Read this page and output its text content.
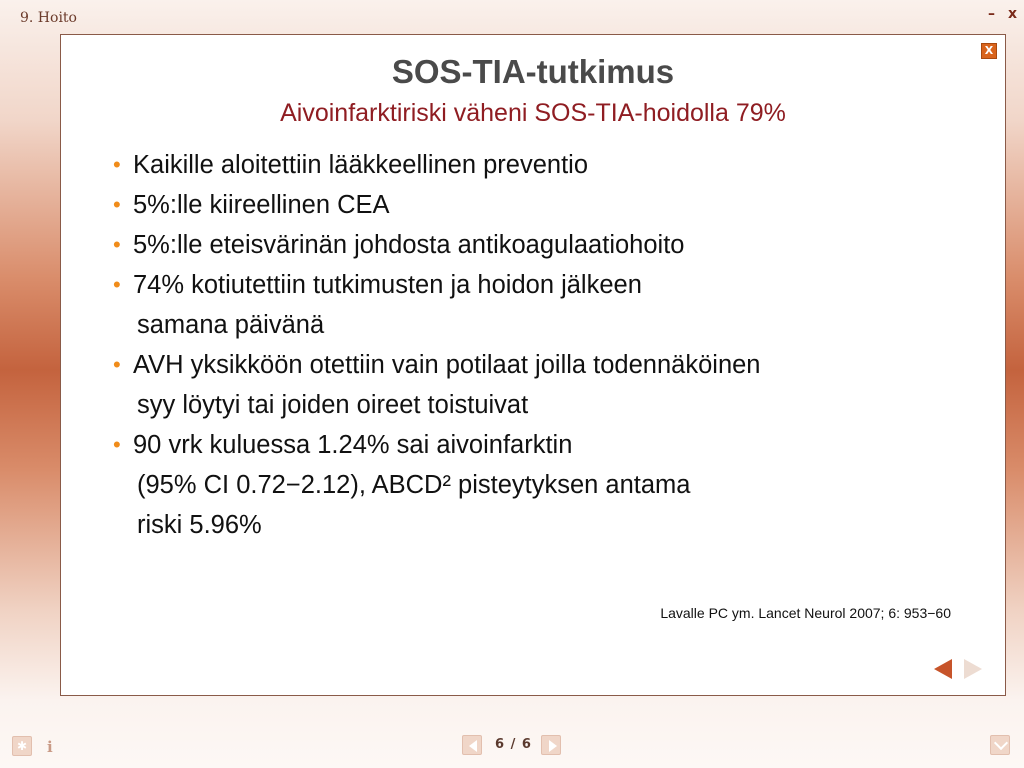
9. Hoito	– x
X
SOS-TIA-tutkimus
Aivoinfarktiriski väheni SOS-TIA-hoidolla 79%
• Kaikille aloitettiin lääkkeellinen preventio
• 5%:lle kiireellinen CEA
• 5%:lle eteisvärinän johdosta antikoagulaatiohoito
• 74% kotiutettiin tutkimusten ja hoidon jälkeen
samana päivänä
• AVH yksikköön otettiin vain potilaat joilla todennäköinen
syy löytyi tai joiden oireet toistuivat
• 90 vrk kuluessa 1.24% sai aivoinfarktin
(95% CI 0.72−2.12), ABCD² pisteytyksen antama
riski 5.96%
Lavalle PC ym. Lancet Neurol 2007; 6: 953−60
✱	i	6 / 6
